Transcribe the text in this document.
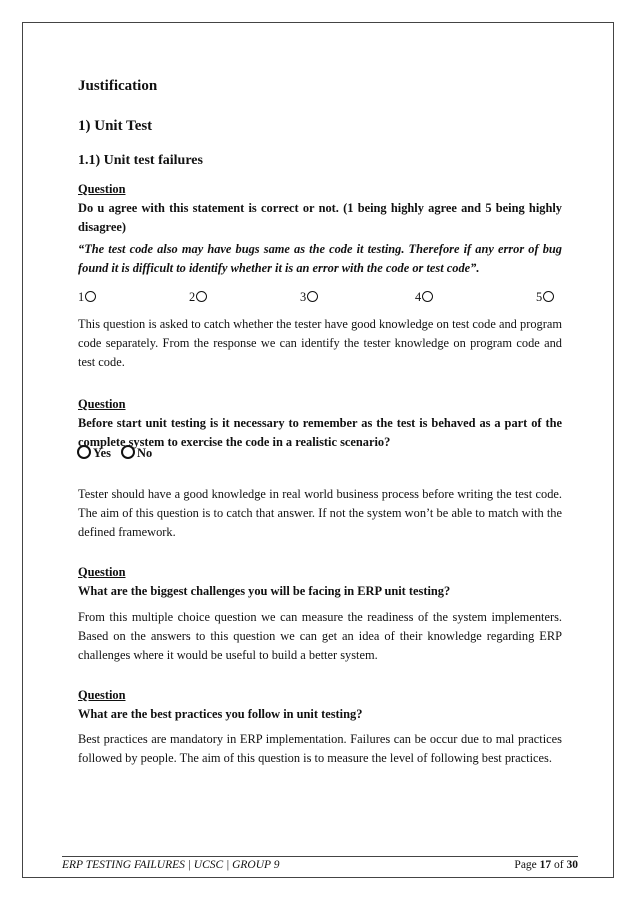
Justification
1) Unit Test
1.1) Unit test failures
Question
Do u agree with this statement is correct or not. (1 being highly agree and 5 being highly disagree)
“The test code also may have bugs same as the code it testing. Therefore if any error of bug found it is difficult to identify whether it is an error with the code or test code”.
1	2	3	4	5
This question is asked to catch whether the tester have good knowledge on test code and program code separately. From the response we can identify the tester knowledge on program code and test code.
Question
Before start unit testing is it necessary to remember as the test is behaved as a part of the complete system to exercise the code in a realistic scenario?
Yes No
Tester should have a good knowledge in real world business process before writing the test code. The aim of this question is to catch that answer. If not the system won’t be able to match with the defined framework.
Question
What are the biggest challenges you will be facing in ERP unit testing?
From this multiple choice question we can measure the readiness of the system implementers. Based on the answers to this question we can get an idea of their knowledge regarding ERP challenges where it would be useful to build a better system.
Question
What are the best practices you follow in unit testing?
Best practices are mandatory in ERP implementation. Failures can be occur due to mal practices followed by people. The aim of this question is to measure the level of following best practices.
ERP TESTING FAILURES | UCSC | GROUP 9	Page 17 of 30
